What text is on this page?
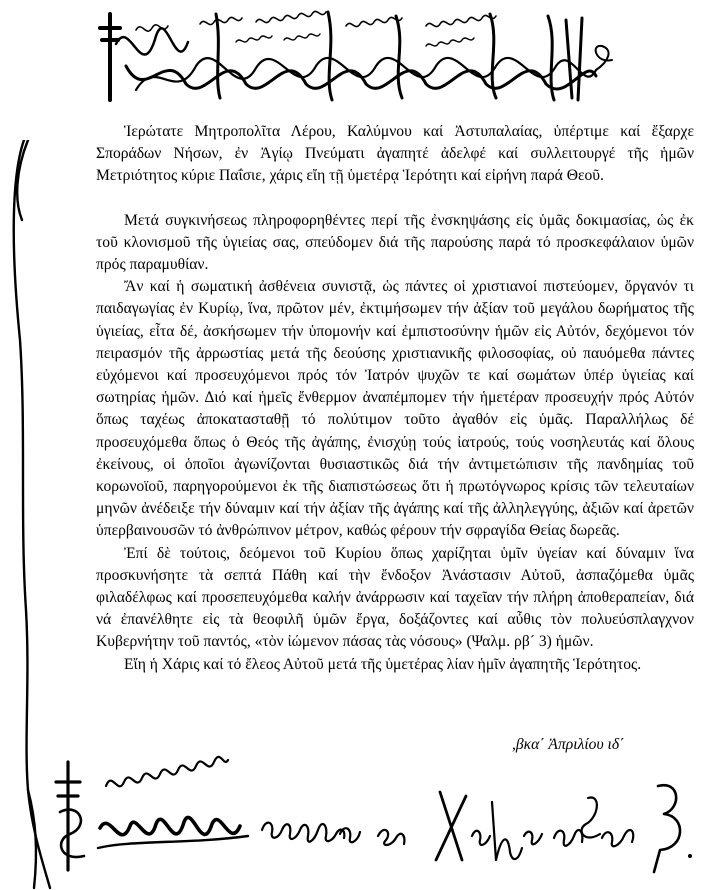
Ἱερώτατε Μητροπολῖτα Λέρου, Καλύμνου καί Ἀστυπαλαίας, ὑπέρτιμε καί ἔξαρχε Σποράδων Νήσων, ἐν Ἁγίῳ Πνεύματι ἀγαπητέ ἀδελφέ καί συλλειτουργέ τῆς ἡμῶν Μετριότητος κύριε Παΐσιε, χάρις εἴη τῇ ὑμετέρᾳ Ἱερότητι καί εἰρήνη παρά Θεοῦ.

Μετά συγκινήσεως πληροφορηθέντες περί τῆς ἐνσκηψάσης εἰς ὑμᾶς δοκιμασίας, ὡς ἐκ τοῦ κλονισμοῦ τῆς ὑγιείας σας, σπεύδομεν διά τῆς παρούσης παρά τό προσκεφάλαιον ὑμῶν πρός παραμυθίαν.

Ἄν καί ἡ σωματική ἀσθένεια συνιστᾷ, ὡς πάντες οἱ χριστιανοί πιστεύομεν, ὄργανόν τι παιδαγωγίας ἐν Κυρίῳ, ἵνα, πρῶτον μέν, ἐκτιμήσωμεν τήν ἀξίαν τοῦ μεγάλου δωρήματος τῆς ὑγιείας, εἶτα δέ, ἀσκήσωμεν τήν ὑπομονήν καί ἐμπιστοσύνην ἡμῶν εἰς Αὐτόν, δεχόμενοι τόν πειρασμόν τῆς ἀρρωστίας μετά τῆς δεούσης χριστιανικῆς φιλοσοφίας, οὐ παυόμεθα πάντες εὐχόμενοι καί προσευχόμενοι πρός τόν Ἰατρόν ψυχῶν τε καί σωμάτων ὑπέρ ὑγιείας καί σωτηρίας ἡμῶν. Διό καί ἡμεῖς ἔνθερμον ἀναπέμπομεν τήν ἡμετέραν προσευχήν πρός Αὐτόν ὅπως ταχέως ἀποκατασταθῇ τό πολύτιμον τοῦτο ἀγαθόν εἰς ὑμᾶς. Παραλλήλως δέ προσευχόμεθα ὅπως ὁ Θεός τῆς ἀγάπης, ἐνισχύῃ τούς ἰατρούς, τούς νοσηλευτάς καί ὅλους ἐκείνους, οἱ ὁποῖοι ἀγωνίζονται θυσιαστικῶς διά τήν ἀντιμετώπισιν τῆς πανδημίας τοῦ κορωνοϊοῦ, παρηγορούμενοι ἐκ τῆς διαπιστώσεως ὅτι ἡ πρωτόγνωρος κρίσις τῶν τελευταίων μηνῶν ἀνέδειξε τήν δύναμιν καί τήν ἀξίαν τῆς ἀγάπης καί τῆς ἀλληλεγγύης, ἀξιῶν καί ἀρετῶν ὑπερβαινουσῶν τό ἀνθρώπινον μέτρον, καθώς φέρουν τήν σφραγίδα Θείας δωρεᾶς.

Ἐπί δὲ τούτοις, δεόμενοι τοῦ Κυρίου ὅπως χαρίζηται ὑμῖν ὑγείαν καί δύναμιν ἵνα προσκυνήσητε τὰ σεπτά Πάθη καί τὴν ἔνδοξον Ἀνάστασιν Αὐτοῦ, ἀσπαζόμεθα ὑμᾶς φιλαδέλφως καί προσεπευχόμεθα καλήν ἀνάρρωσιν καί ταχεῖαν τήν πλήρη ἀποθεραπείαν, διά νά ἐπανέλθητε εἰς τὰ θεοφιλῆ ὑμῶν ἔργα, δοξάζοντες καί αὖθις τὸν πολυεύσπλαγχνον Κυβερνήτην τοῦ παντός, «τὸν ἰώμενον πάσας τὰς νόσους» (Ψαλμ. ρβ´ 3) ἡμῶν.

Εἴη ἡ Χάρις καί τό ἔλεος Αὐτοῦ μετά τῆς ὑμετέρας λίαν ἡμῖν ἀγαπητῆς Ἱερότητος.

,βκα΄ Ἀπριλίου ιδ΄
